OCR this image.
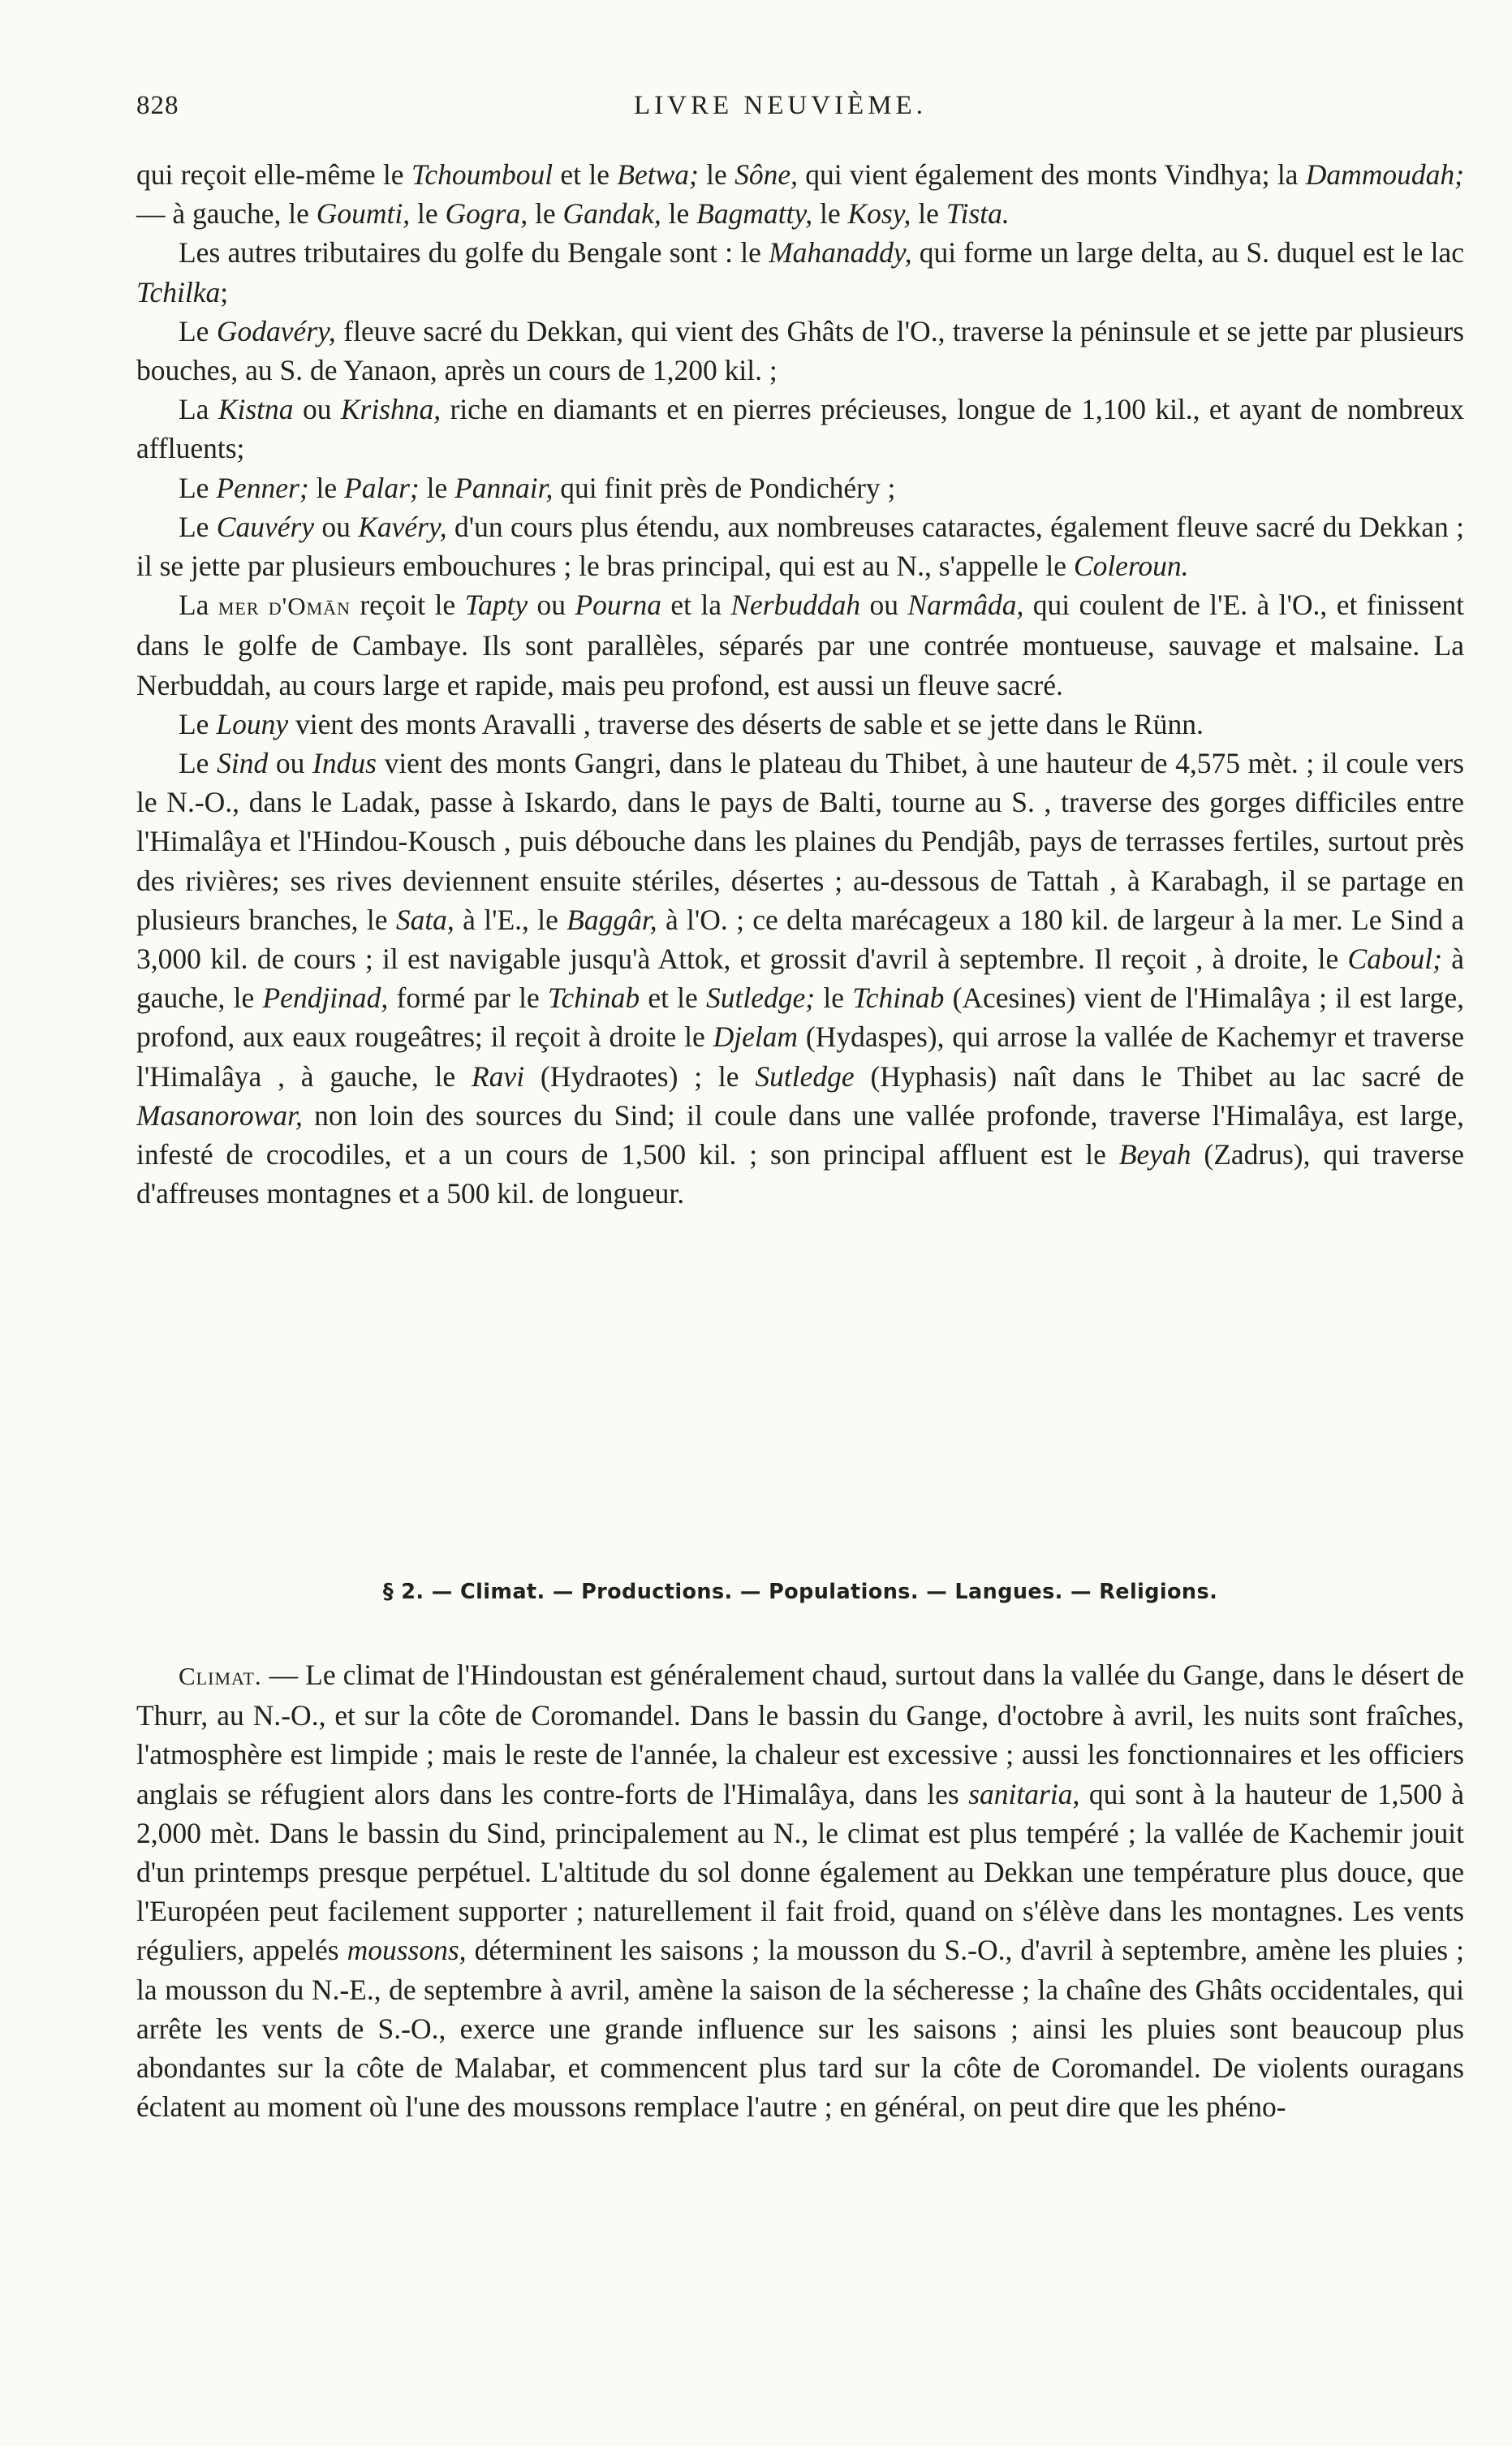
828	LIVRE NEUVIÈME.

qui reçoit elle-même le Tchoumboul et le Betwa; le Sône, qui vient également des monts Vindhya; la Dammoudah; — à gauche, le Goumti, le Gogra, le Gandak, le Bagmatty, le Kosy, le Tista.

Les autres tributaires du golfe du Bengale sont : le Mahanaddy, qui forme un large delta, au S. duquel est le lac Tchilka;

Le Godavéry, fleuve sacré du Dekkan, qui vient des Ghâts de l'O., traverse la péninsule et se jette par plusieurs bouches, au S. de Yanaon, après un cours de 1,200 kil. ;

La Kistna ou Krishna, riche en diamants et en pierres précieuses, longue de 1,100 kil., et ayant de nombreux affluents;

Le Penner; le Palar; le Pannair, qui finit près de Pondichéry ;

Le Cauvéry ou Kavéry, d'un cours plus étendu, aux nombreuses cataractes, également fleuve sacré du Dekkan ; il se jette par plusieurs embouchures ; le bras principal, qui est au N., s'appelle le Coleroun.

La mer d'Omān reçoit le Tapty ou Pourna et la Nerbuddah ou Narmâda, qui coulent de l'E. à l'O., et finissent dans le golfe de Cambaye. Ils sont parallèles, séparés par une contrée montueuse, sauvage et malsaine. La Nerbuddah, au cours large et rapide, mais peu profond, est aussi un fleuve sacré.

Le Louny vient des monts Aravalli , traverse des déserts de sable et se jette dans le Rünn.

Le Sind ou Indus vient des monts Gangri, dans le plateau du Thibet, à une hauteur de 4,575 mèt. ; il coule vers le N.-O., dans le Ladak, passe à Iskardo, dans le pays de Balti, tourne au S. , traverse des gorges difficiles entre l'Himalâya et l'Hindou-Kousch , puis débouche dans les plaines du Pendjâb, pays de terrasses fertiles, surtout près des rivières; ses rives deviennent ensuite stériles, désertes ; au-dessous de Tattah , à Karabagh, il se partage en plusieurs branches, le Sata, à l'E., le Baggâr, à l'O. ; ce delta marécageux a 180 kil. de largeur à la mer. Le Sind a 3,000 kil. de cours ; il est navigable jusqu'à Attok, et grossit d'avril à septembre. Il reçoit , à droite, le Caboul; à gauche, le Pendjinad, formé par le Tchinab et le Sutledge; le Tchinab (Acesines) vient de l'Himalâya ; il est large, profond, aux eaux rougeâtres; il reçoit à droite le Djelam (Hydaspes), qui arrose la vallée de Kachemyr et traverse l'Himalâya , à gauche, le Ravi (Hydraotes) ; le Sutledge (Hyphasis) naît dans le Thibet au lac sacré de Masanorowar, non loin des sources du Sind; il coule dans une vallée profonde, traverse l'Himalâya, est large, infesté de crocodiles, et a un cours de 1,500 kil. ; son principal affluent est le Beyah (Zadrus), qui traverse d'affreuses montagnes et a 500 kil. de longueur.

§ 2. — Climat. — Productions. — Populations. — Langues. — Religions.

Climat. — Le climat de l'Hindoustan est généralement chaud, surtout dans la vallée du Gange, dans le désert de Thurr, au N.-O., et sur la côte de Coromandel. Dans le bassin du Gange, d'octobre à avril, les nuits sont fraîches, l'atmosphère est limpide ; mais le reste de l'année, la chaleur est excessive ; aussi les fonctionnaires et les officiers anglais se réfugient alors dans les contre-forts de l'Himalâya, dans les sanitaria, qui sont à la hauteur de 1,500 à 2,000 mèt. Dans le bassin du Sind, principalement au N., le climat est plus tempéré ; la vallée de Kachemir jouit d'un printemps presque perpétuel. L'altitude du sol donne également au Dekkan une température plus douce, que l'Européen peut facilement supporter ; naturellement il fait froid, quand on s'élève dans les montagnes. Les vents réguliers, appelés moussons, déterminent les saisons ; la mousson du S.-O., d'avril à septembre, amène les pluies ; la mousson du N.-E., de septembre à avril, amène la saison de la sécheresse ; la chaîne des Ghâts occidentales, qui arrête les vents de S.-O., exerce une grande influence sur les saisons ; ainsi les pluies sont beaucoup plus abondantes sur la côte de Malabar, et commencent plus tard sur la côte de Coromandel. De violents ouragans éclatent au moment où l'une des moussons remplace l'autre ; en général, on peut dire que les phéno-
